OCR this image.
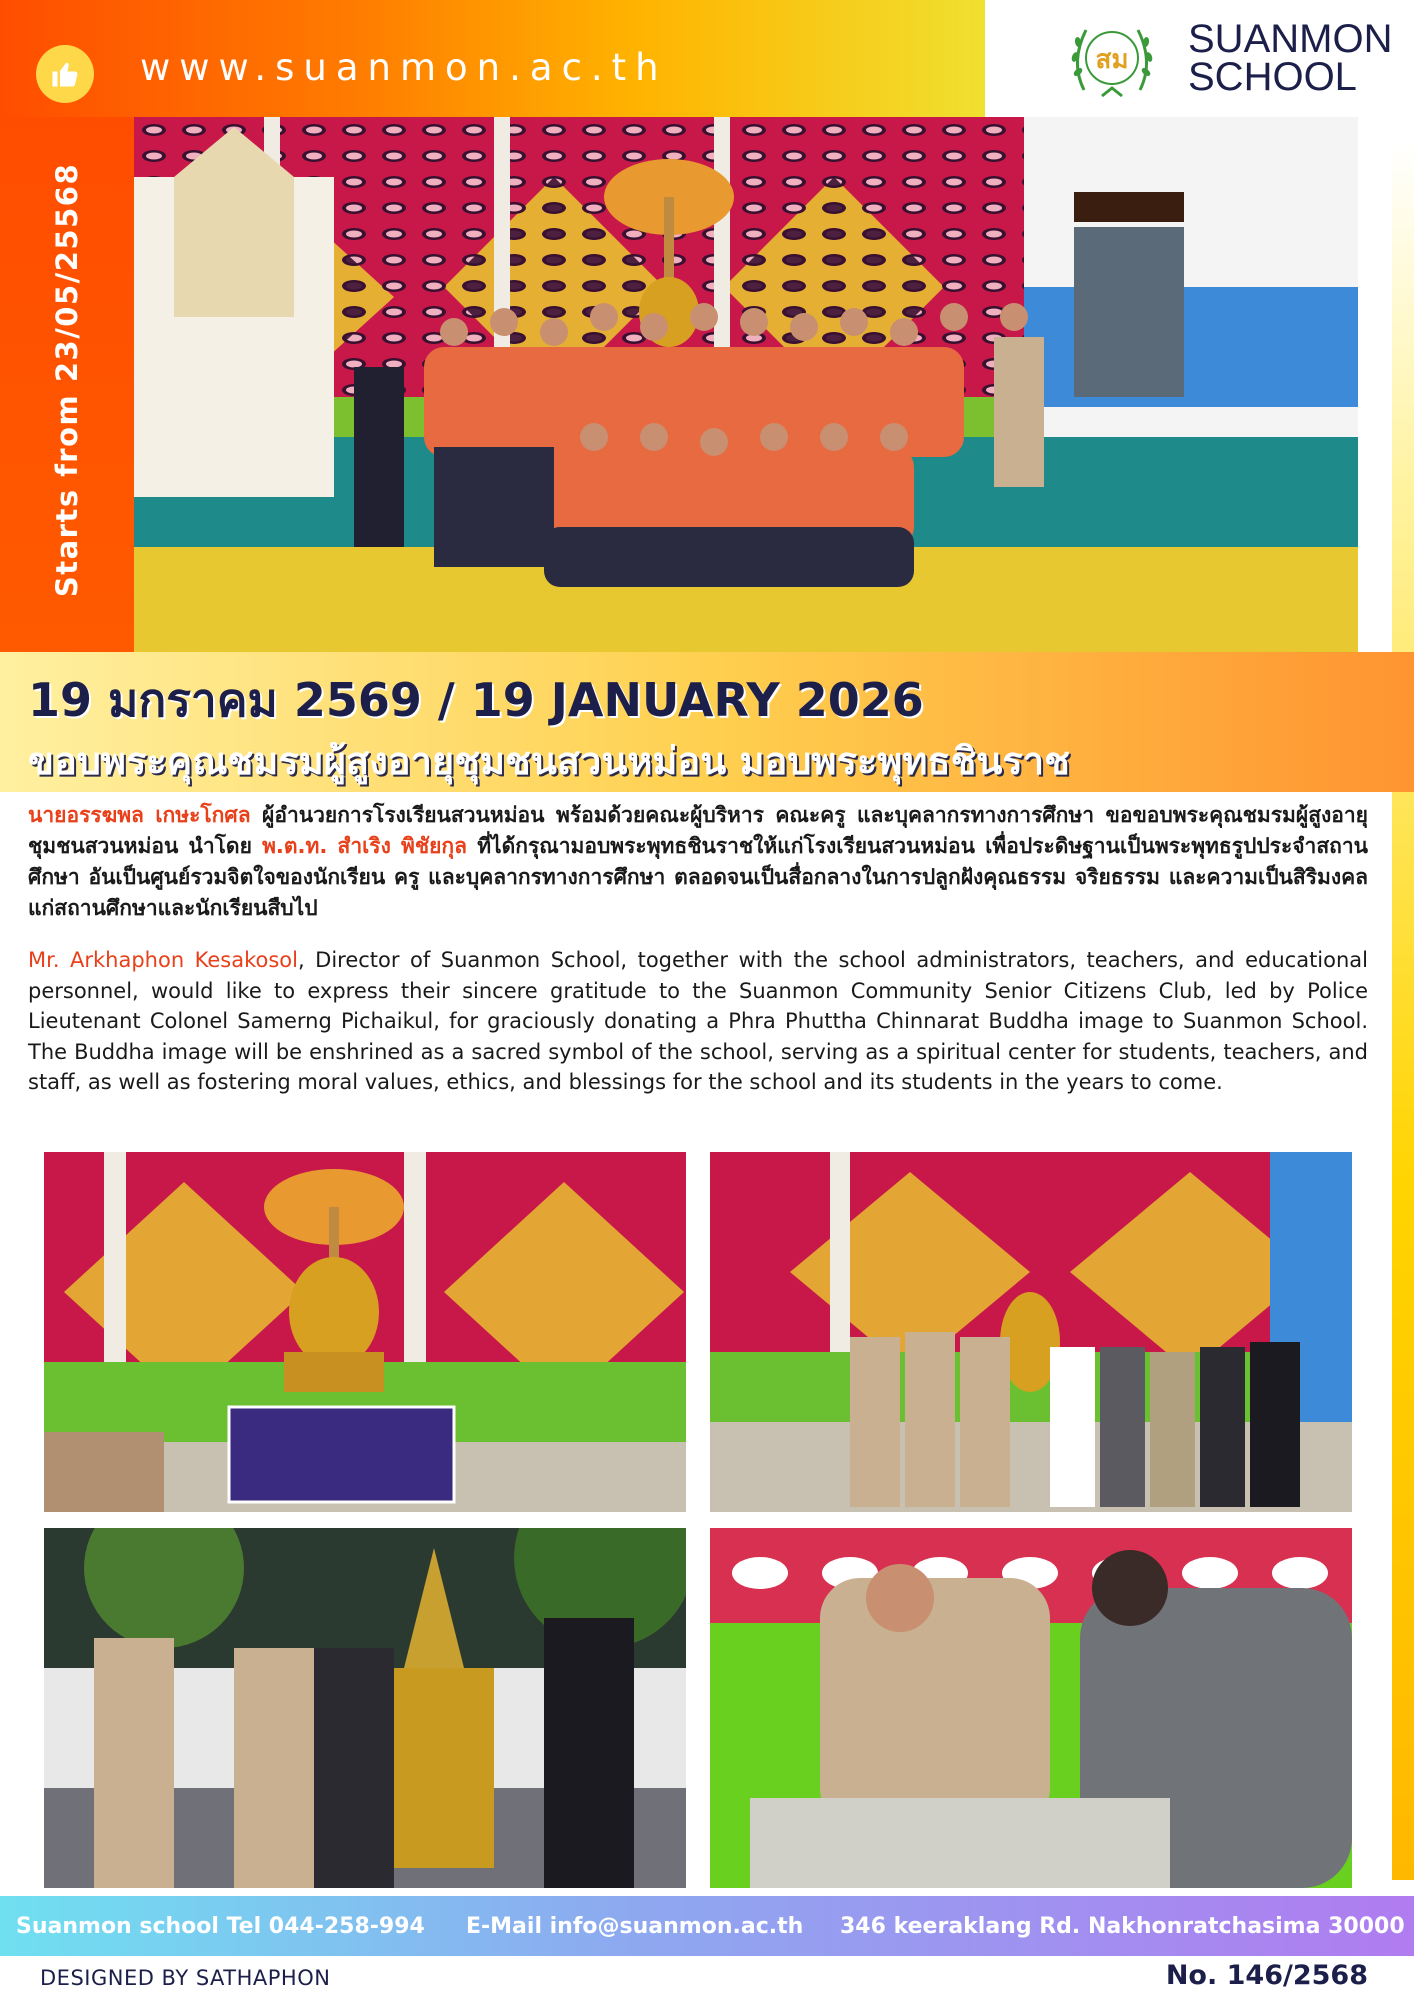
www.suanmon.ac.th	สม SUANMON
SCHOOL
Starts from 23/05/25568
19 มกราคม 2569 / 19 JANUARY 2026
ขอบพระคุณชมรมผู้สูงอายุชุมชนสวนหม่อน มอบพระพุทธชินราช
นายอรรฆพล เกษะโกศล ผู้อำนวยการโรงเรียนสวนหม่อน พร้อมด้วยคณะผู้บริหาร คณะครู และบุคลากรทางการศึกษา ขอขอบพระคุณชมรมผู้สูงอายุชุมชนสวนหม่อน นำโดย พ.ต.ท. สำเริง พิชัยกุล ที่ได้กรุณามอบพระพุทธชินราชให้แก่โรงเรียนสวนหม่อน เพื่อประดิษฐานเป็นพระพุทธรูปประจำสถานศึกษา อันเป็นศูนย์รวมจิตใจของนักเรียน ครู และบุคลากรทางการศึกษา ตลอดจนเป็นสื่อกลางในการปลูกฝังคุณธรรม จริยธรรม และความเป็นสิริมงคลแก่สถานศึกษาและนักเรียนสืบไป
Mr. Arkhaphon Kesakosol, Director of Suanmon School, together with the school administrators, teachers, and educational personnel, would like to express their sincere gratitude to the Suanmon Community Senior Citizens Club, led by Police Lieutenant Colonel Samerng Pichaikul, for graciously donating a Phra Phuttha Chinnarat Buddha image to Suanmon School. The Buddha image will be enshrined as a sacred symbol of the school, serving as a spiritual center for students, teachers, and staff, as well as fostering moral values, ethics, and blessings for the school and its students in the years to come.
Suanmon school Tel 044-258-994 E-Mail info@suanmon.ac.th 346 keeraklang Rd. Nakhonratchasima 30000
DESIGNED BY SATHAPHON	No. 146/2568
